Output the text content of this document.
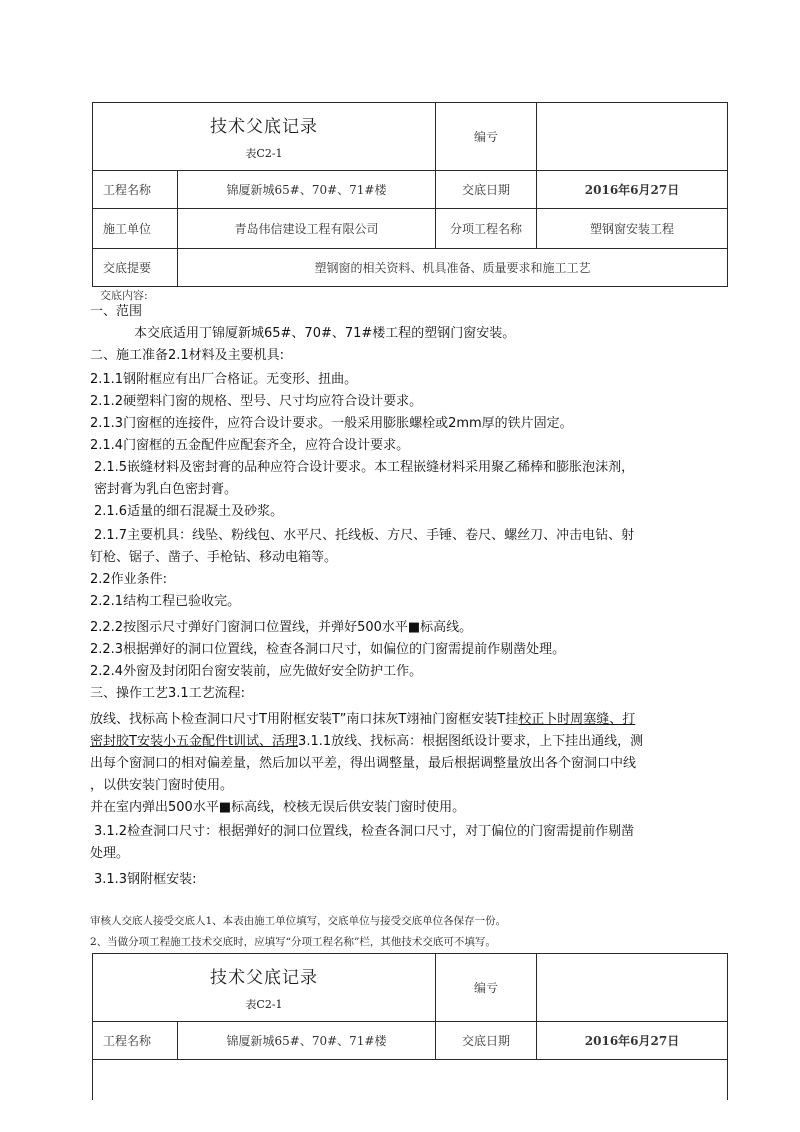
技术父底记录
表C2-1		编亏	
工程名称	锦厦新城65#、70#、71#楼	交底日期	2016年6月27日
施工单位	青岛伟信建设工程有限公司	分项工程名称	塑钢窗安装工程
交底提要	塑钢窗的相关资料、机具准备、质量要求和施工工艺		
交底内容:
一、范围
本交底适用丁锦厦新城65#、70#、71#楼工程的塑钢门窗安装。
二、施工准备2.1材料及主要机具:
2.1.1钢附框应有出厂合格证。无变形、扭曲。
2.1.2硬塑料门窗的规格、型号、尺寸均应符合设计要求。
2.1.3门窗框的连接件，应符合设计要求。一般采用膨胀螺栓或2mm厚的铁片固定。
2.1.4门窗框的五金配件应配套齐全，应符合设计要求。
2.1.5嵌缝材料及密封膏的品种应符合设计要求。本工程嵌缝材料采用聚乙稀棒和膨胀泡沫剂，
密封膏为乳白色密封膏。
2.1.6适量的细石混凝土及砂浆。
2.1.7主要机具：线坠、粉线包、水平尺、托线板、方尺、手锤、卷尺、螺丝刀、冲击电钻、射
钉枪、锯子、凿子、手枪钻、移动电箱等。
2.2作业条件:
2.2.1结构工程已验收完。
2.2.2按图示尺寸弹好门窗洞口位置线，并弹好500水平■标高线。
2.2.3根据弹好的洞口位置线，检查各洞口尺寸，如偏位的门窗需提前作剔凿处理。
2.2.4外窗及封闭阳台窗安装前，应先做好安全防护工作。
三、操作工艺3.1工艺流程:
放线、找标高卜检查洞口尺寸T用附框安装T”南口抹灰T翊袖门窗框安装T挂校正卜时周塞缝、打
密封胶T安装小五金配件t训试、活理3.1.1放线、找标高：根据图纸设计要求，上下挂出通线，测
出每个窗洞口的相对偏差量，然后加以平差，得出调整量，最后根据调整量放出各个窗洞口中线
，以供安装门窗时使用。
并在室内弹出500水平■标高线，校核无误后供安装门窗时使用。
3.1.2检查洞口尺寸：根据弹好的洞口位置线，检查各洞口尺寸，对丁偏位的门窗需提前作剔凿
处理。
3.1.3钢附框安装:
审核人交底人接受交底人1、本表由施工单位填写，交底单位与接受交底单位各保存一份。
2、当做分项工程施工技术交底时，应填写“分项工程名称”栏，其他技术交底可不填写。
技术父底记录
表C2-1		编亏	
工程名称	锦厦新城65#、70#、71#楼	交底日期	2016年6月27日
